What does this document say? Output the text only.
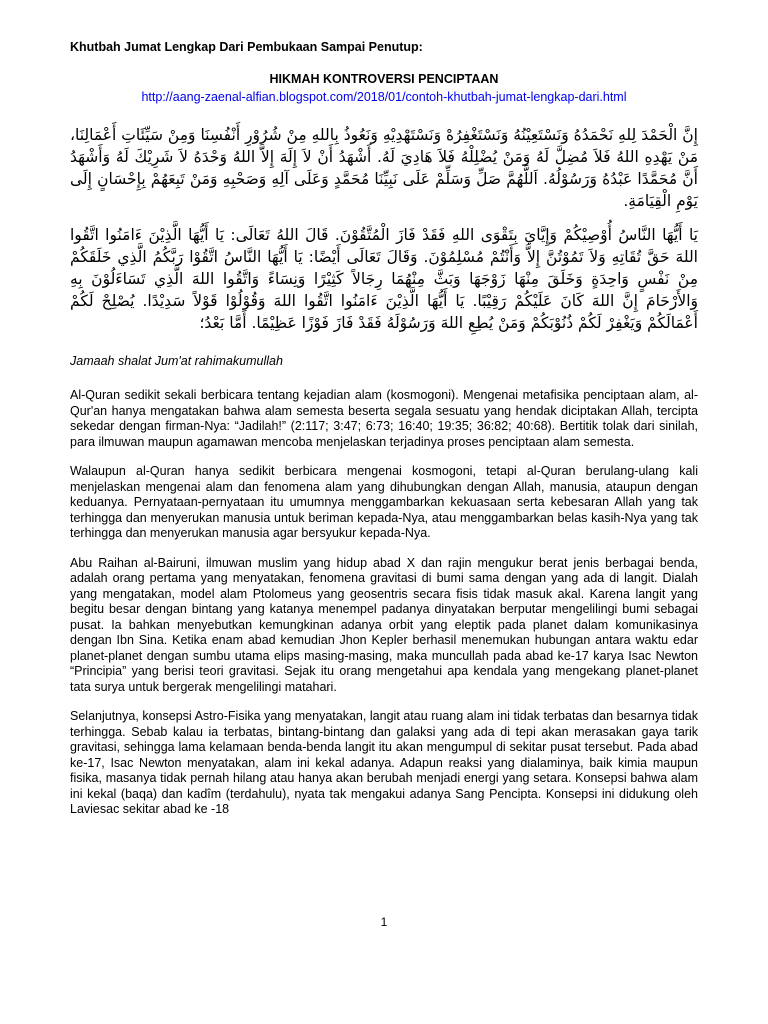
Khutbah Jumat Lengkap Dari Pembukaan Sampai Penutup:

HIKMAH KONTROVERSI PENCIPTAAN

http://aang-zaenal-alfian.blogspot.com/2018/01/contoh-khutbah-jumat-lengkap-dari.html

إِنَّ الْحَمْدَ لِلهِ نَحْمَدُهُ وَنَسْتَعِيْنُهُ وَنَسْتَغْفِرُهْ وَنَسْتَهْدِيْهِ وَنَعُوذُ بِاللهِ مِنْ شُرُوْرِ أَنْفُسِنَا وَمِنْ سَيِّئَاتِ أَعْمَالِنَا، مَنْ يَهْدِهِ اللهُ فَلاَ مُضِلَّ لَهُ وَمَنْ يُضْلِلْهُ فَلاَ هَادِيَ لَهُ. أَشْهَدُ أَنْ لاَ إِلَهَ إِلاَّ اللهُ وَحْدَهُ لاَ شَرِيْكَ لَهُ وَأَشْهَدُ أَنَّ مُحَمَّدًا عَبْدُهُ وَرَسُوْلُهُ. اَللَّهُمَّ صَلِّ وَسَلِّمْ عَلَى نَبِيِّنَا مُحَمَّدٍ وَعَلَى آلِهِ وَصَحْبِهِ وَمَنْ تَبِعَهُمْ بِإِحْسَانٍ إِلَى يَوْمِ الْقِيَامَةِ.

يَا أَيُّهَا النَّاسُ أُوْصِيْكُمْ وَإِيَّايَ بِتَقْوَى اللهِ فَقَدْ فَازَ الْمُتَّقُوْنَ. قَالَ اللهُ تَعَالَى: يَا أَيُّهَا الَّذِيْنَ ءَامَنُوا اتَّقُوا اللهَ حَقَّ تُقَاتِهِ وَلاَ تَمُوْتُنَّ إِلاَّ وَأَنْتُمْ مُسْلِمُوْنَ. وَقَالَ تَعَالَى أَيْضًا: يَا أَيُّهَا النَّاسُ اتَّقُوْا رَبَّكُمُ الَّذِي خَلَقَكُمْ مِنْ نَفْسٍ وَاحِدَةٍ وَخَلَقَ مِنْهَا زَوْجَهَا وَبَثَّ مِنْهُمَا رِجَالاً كَثِيْرًا وَنِسَاءً وَاتَّقُوا اللهَ الَّذِي تَسَاءَلُوْنَ بِهِ وَالأَرْحَامَ إِنَّ اللهَ كَانَ عَلَيْكُمْ رَقِيْبًا. يَا أَيُّهَا الَّذِيْنَ ءَامَنُوا اتَّقُوا اللهَ وَقُوْلُوْا قَوْلاً سَدِيْدًا. يُصْلِحْ لَكُمْ أَعْمَالَكُمْ وَيَغْفِرْ لَكُمْ ذُنُوْبَكُمْ وَمَنْ يُطِعِ اللهَ وَرَسُوْلَهُ فَقَدْ فَازَ فَوْزًا عَظِيْمًا. أَمَّا بَعْدُ؛

Jamaah shalat Jum'at rahimakumullah

Al-Quran sedikit sekali berbicara tentang kejadian alam (kosmogoni). Mengenai metafisika penciptaan alam, al-Qur'an hanya mengatakan bahwa alam semesta beserta segala sesuatu yang hendak diciptakan Allah, tercipta sekedar dengan firman-Nya: “Jadilah!” (2:117; 3:47; 6:73; 16:40; 19:35; 36:82; 40:68). Bertitik tolak dari sinilah, para ilmuwan maupun agamawan mencoba menjelaskan terjadinya proses penciptaan alam semesta.

Walaupun al-Quran hanya sedikit berbicara mengenai kosmogoni, tetapi al-Quran berulang-ulang kali menjelaskan mengenai alam dan fenomena alam yang dihubungkan dengan Allah, manusia, ataupun dengan keduanya. Pernyataan-pernyataan itu umumnya menggambarkan kekuasaan serta kebesaran Allah yang tak terhingga dan menyerukan manusia untuk beriman kepada-Nya, atau menggambarkan belas kasih-Nya yang tak terhingga dan menyerukan manusia agar bersyukur kepada-Nya.

Abu Raihan al-Bairuni, ilmuwan muslim yang hidup abad X dan rajin mengukur berat jenis berbagai benda, adalah orang pertama yang menyatakan, fenomena gravitasi di bumi sama dengan yang ada di langit. Dialah yang mengatakan, model alam Ptolomeus yang geosentris secara fisis tidak masuk akal. Karena langit yang begitu besar dengan bintang yang katanya menempel padanya dinyatakan berputar mengelilingi bumi sebagai pusat. Ia bahkan menyebutkan kemungkinan adanya orbit yang eleptik pada planet dalam komunikasinya dengan Ibn Sina. Ketika enam abad kemudian Jhon Kepler berhasil menemukan hubungan antara waktu edar planet-planet dengan sumbu utama elips masing-masing, maka muncullah pada abad ke-17 karya Isac Newton “Principia” yang berisi teori gravitasi. Sejak itu orang mengetahui apa kendala yang mengekang planet-planet tata surya untuk bergerak mengelilingi matahari.

Selanjutnya, konsepsi Astro-Fisika yang menyatakan, langit atau ruang alam ini tidak terbatas dan besarnya tidak terhingga. Sebab kalau ia terbatas, bintang-bintang dan galaksi yang ada di tepi akan merasakan gaya tarik gravitasi, sehingga lama kelamaan benda-benda langit itu akan mengumpul di sekitar pusat tersebut. Pada abad ke-17, Isac Newton menyatakan, alam ini kekal adanya. Adapun reaksi yang dialaminya, baik kimia maupun fisika, masanya tidak pernah hilang atau hanya akan berubah menjadi energi yang setara. Konsepsi bahwa alam ini kekal (baqa) dan kadîm (terdahulu), nyata tak mengakui adanya Sang Pencipta. Konsepsi ini didukung oleh Laviesac sekitar abad ke -18

1
